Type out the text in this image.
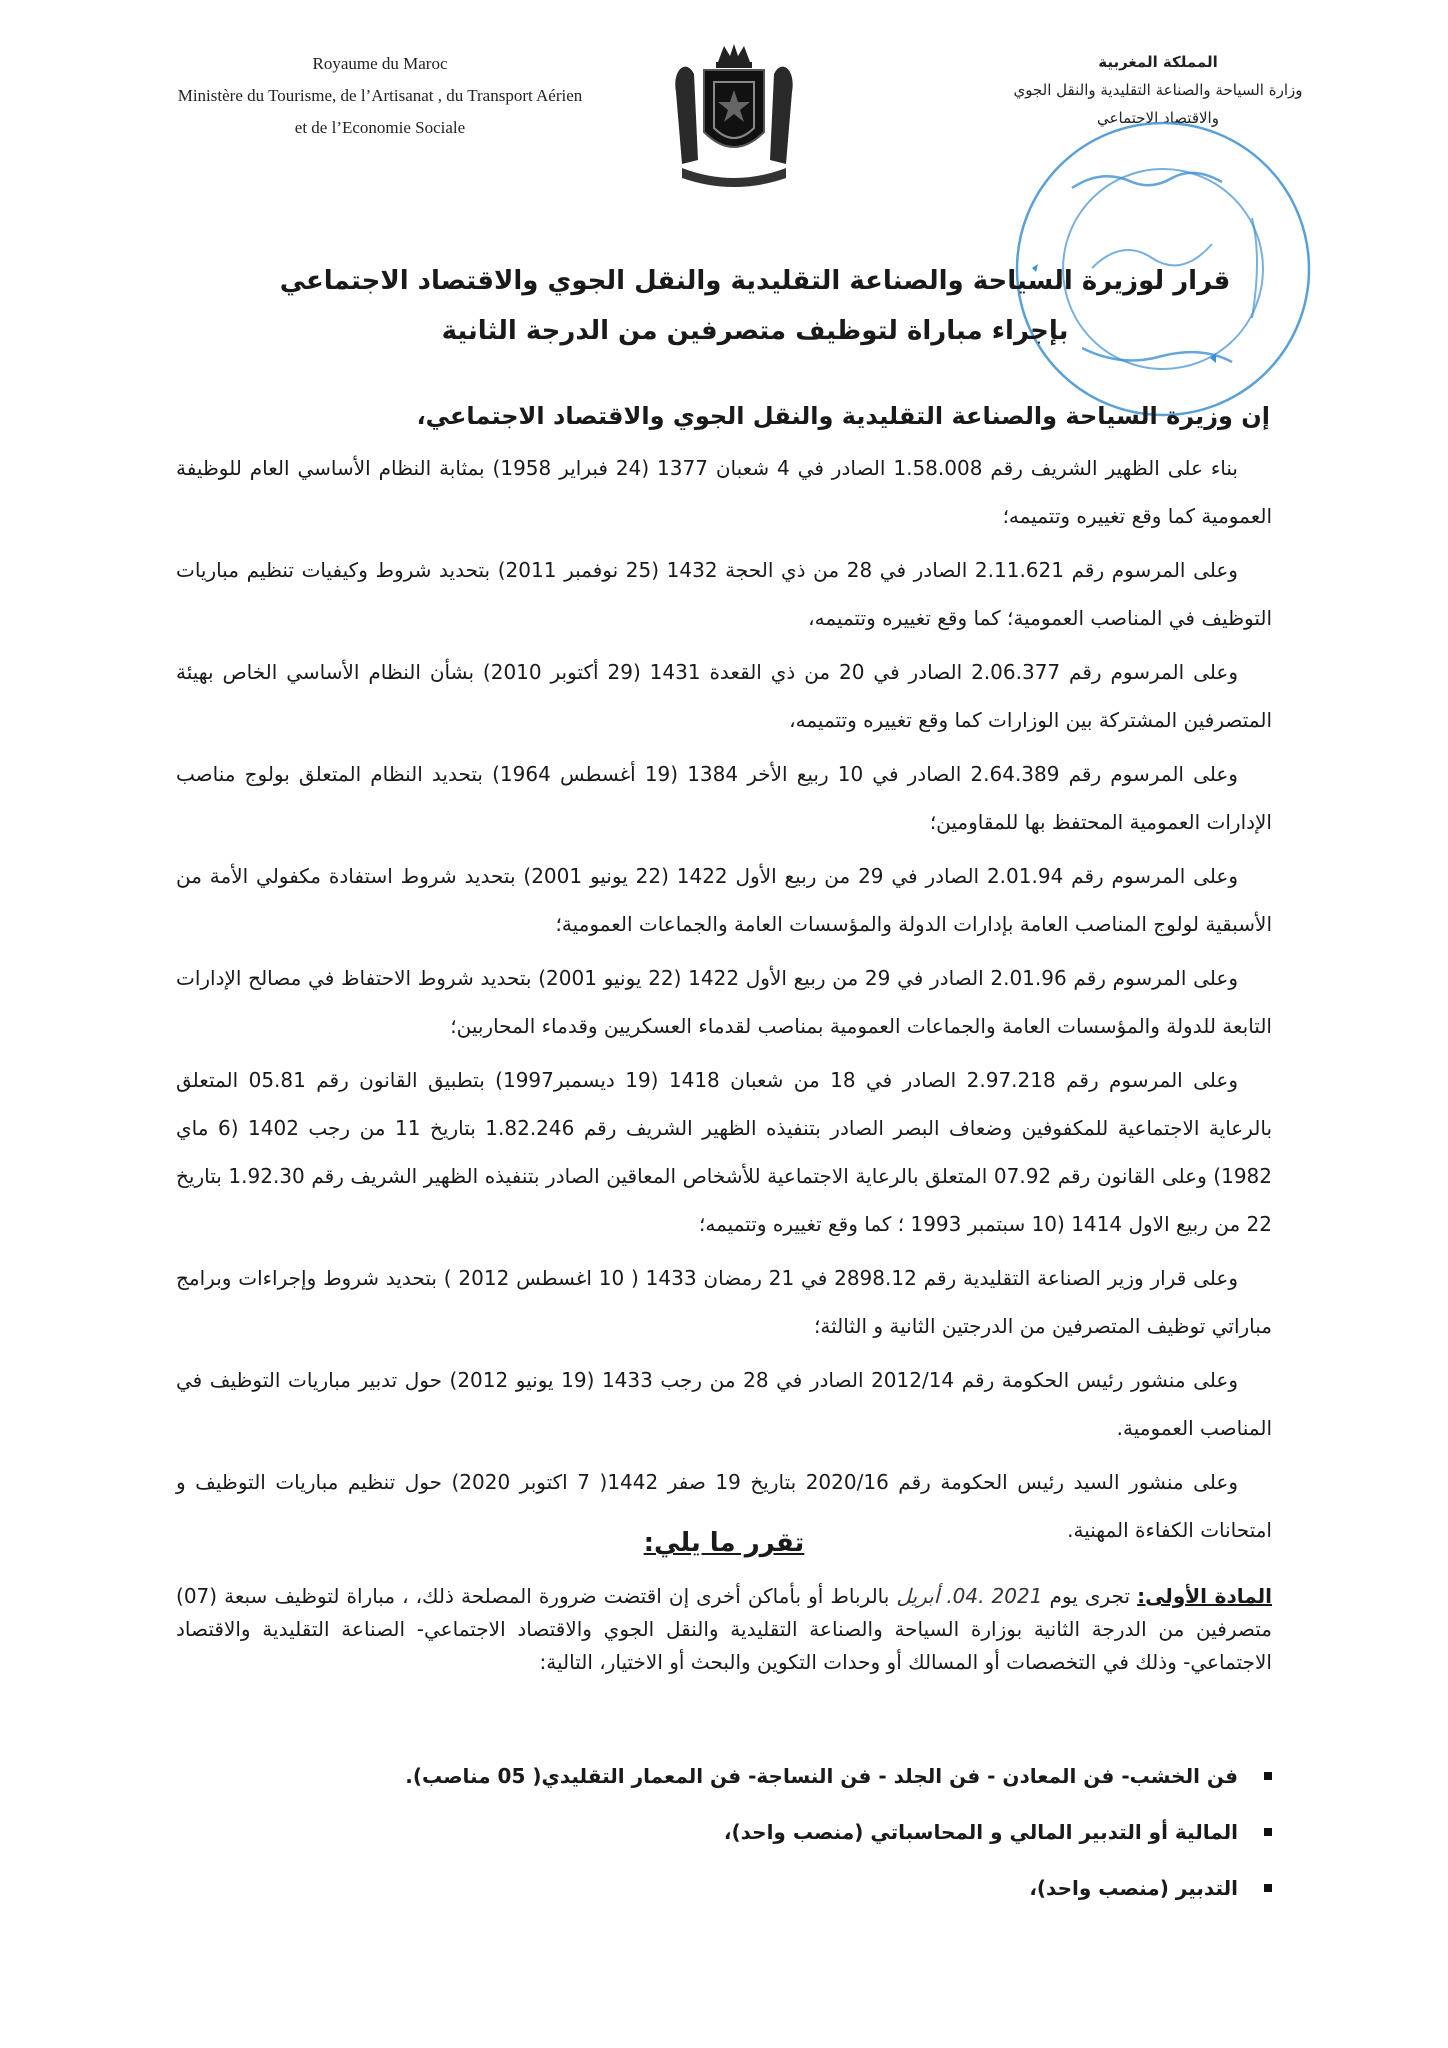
Royaume du Maroc
Ministère du Tourisme, de l’Artisanat , du Transport Aérien
et de l’Economie Sociale
المملكة المغربية
وزارة السياحة والصناعة التقليدية والنقل الجوي
والاقتصاد الاجتماعي
قرار لوزيرة السياحة والصناعة التقليدية والنقل الجوي والاقتصاد الاجتماعي
بإجراء مباراة لتوظيف متصرفين من الدرجة الثانية
إن وزيرة السياحة والصناعة التقليدية والنقل الجوي والاقتصاد الاجتماعي،

بناء على الظهير الشريف رقم 1.58.008 الصادر في 4 شعبان 1377 (24 فبراير 1958) بمثابة النظام الأساسي العام للوظيفة العمومية كما وقع تغييره وتتميمه؛

وعلى المرسوم رقم 2.11.621 الصادر في 28 من ذي الحجة 1432 (25 نوفمبر 2011) بتحديد شروط وكيفيات تنظيم مباريات التوظيف في المناصب العمومية؛ كما وقع تغييره وتتميمه،

وعلى المرسوم رقم 2.06.377 الصادر في 20 من ذي القعدة 1431 (29 أكتوبر 2010) بشأن النظام الأساسي الخاص بهيئة المتصرفين المشتركة بين الوزارات كما وقع تغييره وتتميمه،

وعلى المرسوم رقم 2.64.389 الصادر في 10 ربيع الأخر 1384 (19 أغسطس 1964) بتحديد النظام المتعلق بولوج مناصب الإدارات العمومية المحتفظ بها للمقاومين؛

وعلى المرسوم رقم 2.01.94 الصادر في 29 من ربيع الأول 1422 (22 يونيو 2001) بتحديد شروط استفادة مكفولي الأمة من الأسبقية لولوج المناصب العامة بإدارات الدولة والمؤسسات العامة والجماعات العمومية؛

وعلى المرسوم رقم 2.01.96 الصادر في 29 من ربيع الأول 1422 (22 يونيو 2001) بتحديد شروط الاحتفاظ في مصالح الإدارات التابعة للدولة والمؤسسات العامة والجماعات العمومية بمناصب لقدماء العسكريين وقدماء المحاربين؛

وعلى المرسوم رقم 2.97.218 الصادر في 18 من شعبان 1418 (19 ديسمبر1997) بتطبيق القانون رقم 05.81 المتعلق بالرعاية الاجتماعية للمكفوفين وضعاف البصر الصادر بتنفيذه الظهير الشريف رقم 1.82.246 بتاريخ 11 من رجب 1402 (6 ماي 1982) وعلى القانون رقم 07.92 المتعلق بالرعاية الاجتماعية للأشخاص المعاقين الصادر بتنفيذه الظهير الشريف رقم 1.92.30 بتاريخ 22 من ربيع الاول 1414 (10 سبتمبر 1993 ؛ كما وقع تغييره وتتميمه؛

وعلى قرار وزير الصناعة التقليدية رقم 2898.12 في 21 رمضان 1433 ( 10 اغسطس 2012 ) بتحديد شروط وإجراءات وبرامج مباراتي توظيف المتصرفين من الدرجتين الثانية و الثالثة؛

وعلى منشور رئيس الحكومة رقم 2012/14 الصادر في 28 من رجب 1433 (19 يونيو 2012) حول تدبير مباريات التوظيف في المناصب العمومية.

وعلى منشور السيد رئيس الحكومة رقم 2020/16 بتاريخ 19 صفر 1442( 7 اكتوبر 2020) حول تنظيم مباريات التوظيف و امتحانات الكفاءة المهنية.

تقرر ما يلي:
المادة الأولى: تجرى يوم 2021 .04. أبريل بالرباط أو بأماكن أخرى إن اقتضت ضرورة المصلحة ذلك، ، مباراة لتوظيف سبعة (07) متصرفين من الدرجة الثانية بوزارة السياحة والصناعة التقليدية والنقل الجوي والاقتصاد الاجتماعي- الصناعة التقليدية والاقتصاد الاجتماعي- وذلك في التخصصات أو المسالك أو وحدات التكوين والبحث أو الاختيار، التالية:
فن الخشب- فن المعادن - فن الجلد - فن النساجة- فن المعمار التقليدي( 05 مناصب).
المالية أو التدبير المالي و المحاسباتي (منصب واحد)،
التدبير (منصب واحد)،
